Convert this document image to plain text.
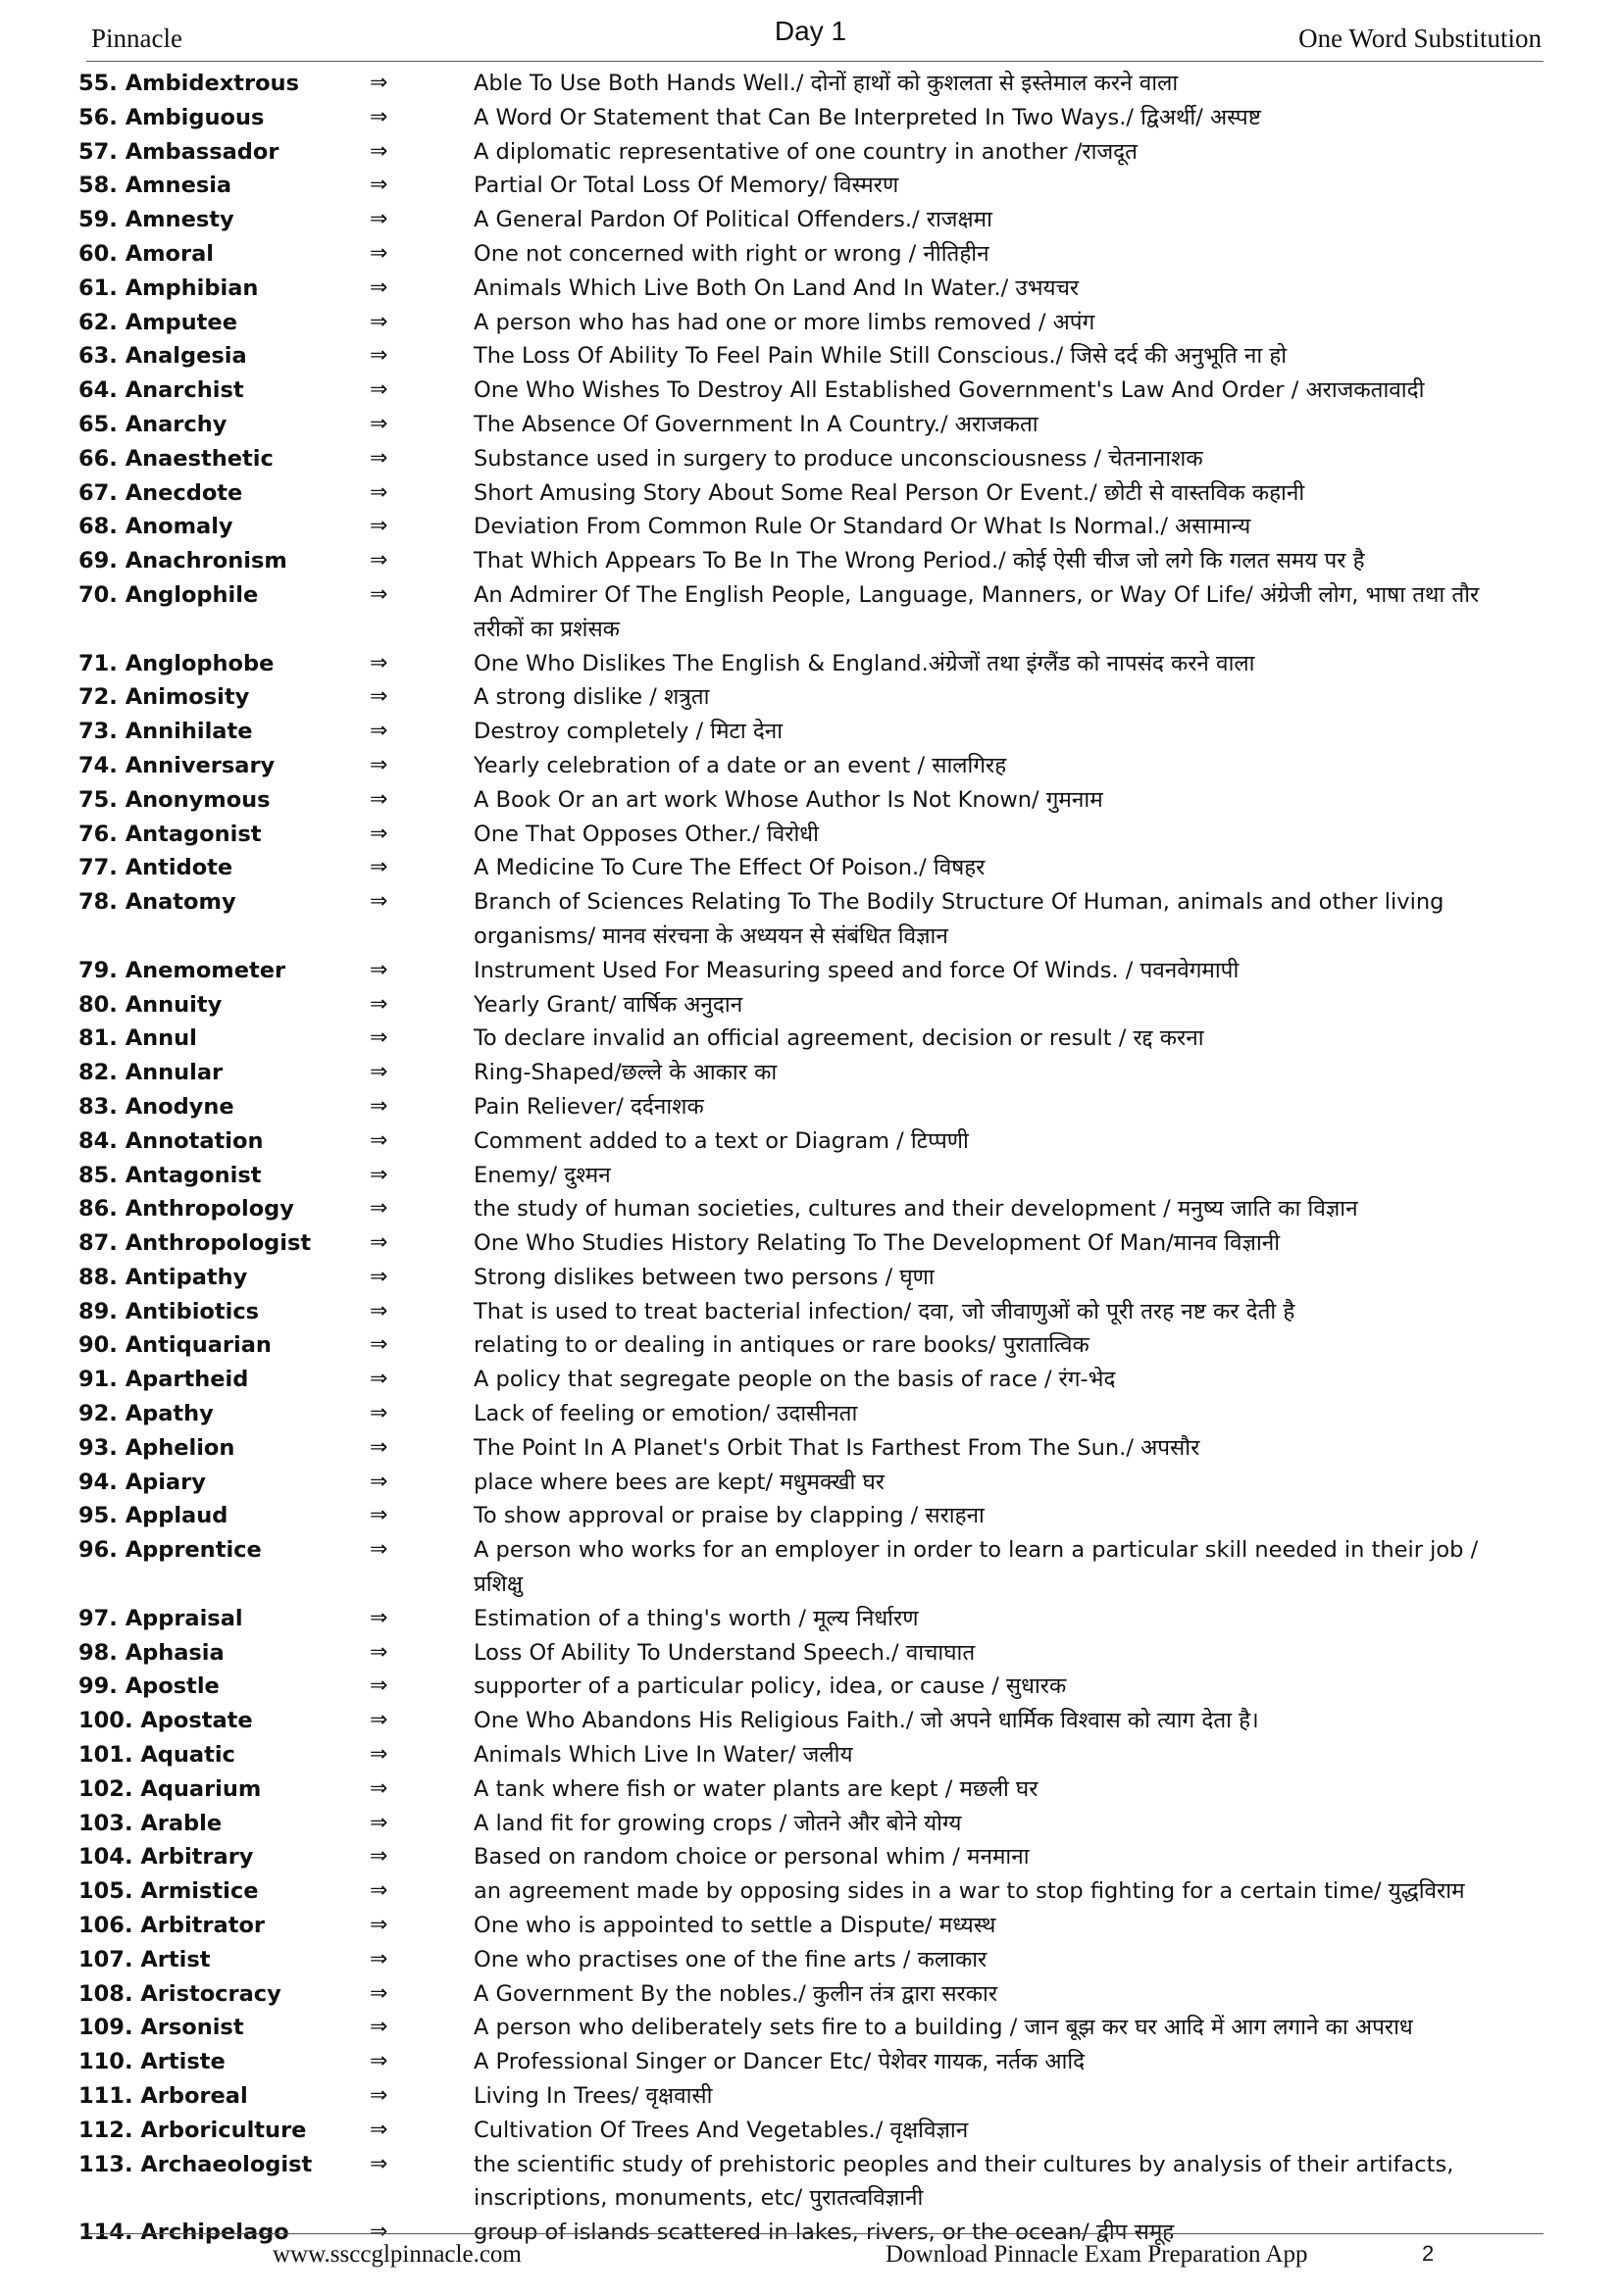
Pinnacle	Day 1	One Word Substitution
55. Ambidextrous	⇒	Able To Use Both Hands Well./ दोनों हाथों को कुशलता से इस्तेमाल करने वाला
56. Ambiguous	⇒	A Word Or Statement that Can Be Interpreted In Two Ways./ द्विअर्थी/ अस्पष्ट
57. Ambassador	⇒	A diplomatic representative of one country in another /राजदूत
58. Amnesia	⇒	Partial Or Total Loss Of Memory/ विस्मरण
59. Amnesty	⇒	A General Pardon Of Political Offenders./ राजक्षमा
60. Amoral	⇒	One not concerned with right or wrong / नीतिहीन
61. Amphibian	⇒	Animals Which Live Both On Land And In Water./ उभयचर
62. Amputee	⇒	A person who has had one or more limbs removed / अपंग
63. Analgesia	⇒	The Loss Of Ability To Feel Pain While Still Conscious./ जिसे दर्द की अनुभूति ना हो
64. Anarchist	⇒	One Who Wishes To Destroy All Established Government's Law And Order / अराजकतावादी
65. Anarchy	⇒	The Absence Of Government In A Country./ अराजकता
66. Anaesthetic	⇒	Substance used in surgery to produce unconsciousness / चेतनानाशक
67. Anecdote	⇒	Short Amusing Story About Some Real Person Or Event./ छोटी से वास्तविक कहानी
68. Anomaly	⇒	Deviation From Common Rule Or Standard Or What Is Normal./ असामान्य
69. Anachronism	⇒	That Which Appears To Be In The Wrong Period./ कोई ऐसी चीज जो लगे कि गलत समय पर है
70. Anglophile	⇒	An Admirer Of The English People, Language, Manners, or Way Of Life/ अंग्रेजी लोग, भाषा तथा तौर तरीकों का प्रशंसक
71. Anglophobe	⇒	One Who Dislikes The English & England.अंग्रेजों तथा इंग्लैंड को नापसंद करने वाला
72. Animosity	⇒	A strong dislike / शत्रुता
73. Annihilate	⇒	Destroy completely / मिटा देना
74. Anniversary	⇒	Yearly celebration of a date or an event / सालगिरह
75. Anonymous	⇒	A Book Or an art work Whose Author Is Not Known/ गुमनाम
76. Antagonist	⇒	One That Opposes Other./ विरोधी
77. Antidote	⇒	A Medicine To Cure The Effect Of Poison./ विषहर
78. Anatomy	⇒	Branch of Sciences Relating To The Bodily Structure Of Human, animals and other living organisms/ मानव संरचना के अध्ययन से संबंधित विज्ञान
79. Anemometer	⇒	Instrument Used For Measuring speed and force Of Winds. / पवनवेगमापी
80. Annuity	⇒	Yearly Grant/ वार्षिक अनुदान
81. Annul	⇒	To declare invalid an official agreement, decision or result / रद्द करना
82. Annular	⇒	Ring-Shaped/छल्ले के आकार का
83. Anodyne	⇒	Pain Reliever/ दर्दनाशक
84. Annotation	⇒	Comment added to a text or Diagram / टिप्पणी
85. Antagonist	⇒	Enemy/ दुश्मन
86. Anthropology	⇒	the study of human societies, cultures and their development / मनुष्य जाति का विज्ञान
87. Anthropologist	⇒	One Who Studies History Relating To The Development Of Man/मानव विज्ञानी
88. Antipathy	⇒	Strong dislikes between two persons / घृणा
89. Antibiotics	⇒	That is used to treat bacterial infection/ दवा, जो जीवाणुओं को पूरी तरह नष्ट कर देती है
90. Antiquarian	⇒	relating to or dealing in antiques or rare books/ पुरातात्विक
91. Apartheid	⇒	A policy that segregate people on the basis of race / रंग-भेद
92. Apathy	⇒	Lack of feeling or emotion/ उदासीनता
93. Aphelion	⇒	The Point In A Planet's Orbit That Is Farthest From The Sun./ अपसौर
94. Apiary	⇒	place where bees are kept/ मधुमक्खी घर
95. Applaud	⇒	To show approval or praise by clapping / सराहना
96. Apprentice	⇒	A person who works for an employer in order to learn a particular skill needed in their job / प्रशिक्षु
97. Appraisal	⇒	Estimation of a thing's worth / मूल्य निर्धारण
98. Aphasia	⇒	Loss Of Ability To Understand Speech./ वाचाघात
99. Apostle	⇒	supporter of a particular policy, idea, or cause / सुधारक
100. Apostate	⇒	One Who Abandons His Religious Faith./ जो अपने धार्मिक विश्वास को त्याग देता है।
101. Aquatic	⇒	Animals Which Live In Water/ जलीय
102. Aquarium	⇒	A tank where fish or water plants are kept / मछली घर
103. Arable	⇒	A land fit for growing crops / जोतने और बोने योग्य
104. Arbitrary	⇒	Based on random choice or personal whim / मनमाना
105. Armistice	⇒	an agreement made by opposing sides in a war to stop fighting for a certain time/ युद्धविराम
106. Arbitrator	⇒	One who is appointed to settle a Dispute/ मध्यस्थ
107. Artist	⇒	One who practises one of the fine arts / कलाकार
108. Aristocracy	⇒	A Government By the nobles./ कुलीन तंत्र द्वारा सरकार
109. Arsonist	⇒	A person who deliberately sets fire to a building / जान बूझ कर घर आदि में आग लगाने का अपराध
110. Artiste	⇒	A Professional Singer or Dancer Etc/ पेशेवर गायक, नर्तक आदि
111. Arboreal	⇒	Living In Trees/ वृक्षवासी
112. Arboriculture	⇒	Cultivation Of Trees And Vegetables./ वृक्षविज्ञान
113. Archaeologist	⇒	the scientific study of prehistoric peoples and their cultures by analysis of their artifacts, inscriptions, monuments, etc/ पुरातत्वविज्ञानी
114. Archipelago	⇒	group of islands scattered in lakes, rivers, or the ocean/ द्वीप समूह
www.ssccglpinnacle.com	Download Pinnacle Exam Preparation App	2
